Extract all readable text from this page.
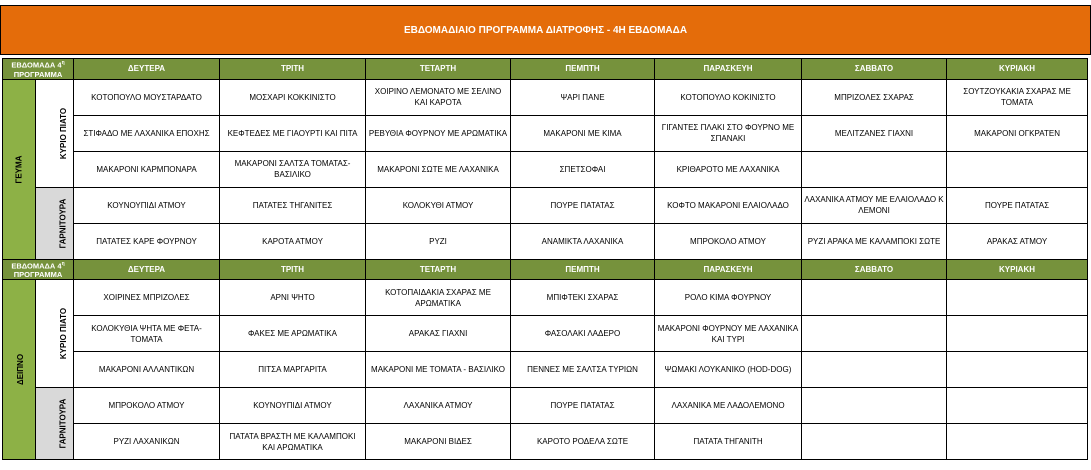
ΕΒΔΟΜΑΔΙΑΙΟ ΠΡΟΓΡΑΜΜΑ ΔΙΑΤΡΟΦΗΣ - 4Η ΕΒΔΟΜΑΔΑ
ΕΒΔΟΜΑΔΑ $4^\eta$
ΠΡΟΓΡΑΜΜΑ		ΔΕΥΤΕΡΑ	ΤΡΙΤΗ	ΤΕΤΑΡΤΗ	ΠΕΜΠΤΗ	ΠΑΡΑΣΚΕΥΗ	ΣΑΒΒΑΤΟ	ΚΥΡΙΑΚΗ
ΓΕΥΜΑ	ΚΥΡΙΟ ΠΙΑΤΟ	ΚΟΤΟΠΟΥΛΟ ΜΟΥΣΤΑΡΔΑΤΟ	ΜΟΣΧΑΡΙ ΚΟΚΚΙΝΙΣΤΟ	ΧΟΙΡΙΝΟ ΛΕΜΟΝΑΤΟ ΜΕ ΣΕΛΙΝΟ ΚΑΙ ΚΑΡΟΤΑ	ΨΑΡΙ ΠΑΝΕ	ΚΟΤΟΠΟΥΛΟ ΚΟΚΙΝΙΣΤΟ	ΜΠΡΙΖΟΛΕΣ ΣΧΑΡΑΣ	ΣΟΥΤΖΟΥΚΑΚΙΑ ΣΧΑΡΑΣ ΜΕ ΤΟΜΑΤΑ
		ΣΤΙΦΑΔΟ ΜΕ ΛΑΧΑΝΙΚΑ ΕΠΟΧΗΣ	ΚΕΦΤΕΔΕΣ ΜΕ ΓΙΑΟΥΡΤΙ ΚΑΙ ΠΙΤΑ	ΡΕΒΥΘΙΑ ΦΟΥΡΝΟΥ ΜΕ ΑΡΩΜΑΤΙΚΑ	ΜΑΚΑΡΟΝΙ ΜΕ ΚΙΜΑ	ΓΙΓΑΝΤΕΣ ΠΛΑΚΙ ΣΤΟ ΦΟΥΡΝΟ ΜΕ ΣΠΑΝΑΚΙ	ΜΕΛΙΤΖΑΝΕΣ ΓΙΑΧΝΙ	ΜΑΚΑΡΟΝΙ ΟΓΚΡΑΤΕΝ
		ΜΑΚΑΡΟΝΙ ΚΑΡΜΠΟΝΑΡΑ	ΜΑΚΑΡΟΝΙ ΣΑΛΤΣΑ ΤΟΜΑΤΑΣ-ΒΑΣΙΛΙΚΟ	ΜΑΚΑΡΟΝΙ ΣΩΤΕ ΜΕ ΛΑΧΑΝΙΚΑ	ΣΠΕΤΣΟΦΑΙ	ΚΡΙΘΑΡΟΤΟ ΜΕ ΛΑΧΑΝΙΚΑ		
	ΓΑΡΝΙΤΟΥΡΑ	ΚΟΥΝΟΥΠΙΔΙ ΑΤΜΟΥ	ΠΑΤΑΤΕΣ ΤΗΓΑΝΙΤΕΣ	ΚΟΛΟΚΥΘΙ ΑΤΜΟΥ	ΠΟΥΡΕ ΠΑΤΑΤΑΣ	ΚΟΦΤΟ ΜΑΚΑΡΟΝΙ ΕΛΑΙΟΛΑΔΟ	ΛΑΧΑΝΙΚΑ ΑΤΜΟΥ ΜΕ ΕΛΑΙΟΛΑΔΟ Κ ΛΕΜΟΝΙ	ΠΟΥΡΕ ΠΑΤΑΤΑΣ
		ΠΑΤΑΤΕΣ ΚΑΡΕ ΦΟΥΡΝΟΥ	ΚΑΡΟΤΑ ΑΤΜΟΥ	ΡΥΖΙ	ΑΝΑΜΙΚΤΑ ΛΑΧΑΝΙΚΑ	ΜΠΡΟΚΟΛΟ ΑΤΜΟΥ	ΡΥΖΙ ΑΡΑΚΑ ΜΕ ΚΑΛΑΜΠΟΚΙ ΣΩΤΕ	ΑΡΑΚΑΣ ΑΤΜΟΥ
ΕΒΔΟΜΑΔΑ $4^\eta$
ΠΡΟΓΡΑΜΜΑ		ΔΕΥΤΕΡΑ	ΤΡΙΤΗ	ΤΕΤΑΡΤΗ	ΠΕΜΠΤΗ	ΠΑΡΑΣΚΕΥΗ	ΣΑΒΒΑΤΟ	ΚΥΡΙΑΚΗ
ΔΕΙΠΝΟ	ΚΥΡΙΟ ΠΙΑΤΟ	ΧΟΙΡΙΝΕΣ ΜΠΡΙΖΟΛΕΣ	ΑΡΝΙ ΨΗΤΟ	ΚΟΤΟΠΑΙΔΑΚΙΑ ΣΧΑΡΑΣ ΜΕ ΑΡΩΜΑΤΙΚΑ	ΜΠΙΦΤΕΚΙ ΣΧΑΡΑΣ	ΡΟΛΟ ΚΙΜΑ ΦΟΥΡΝΟΥ		
		ΚΟΛΟΚΥΘΙΑ ΨΗΤΑ ΜΕ ΦΕΤΑ-ΤΟΜΑΤΑ	ΦΑΚΕΣ ΜΕ ΑΡΩΜΑΤΙΚΑ	ΑΡΑΚΑΣ ΓΙΑΧΝΙ	ΦΑΣΟΛΑΚΙ ΛΑΔΕΡΟ	ΜΑΚΑΡΟΝΙ ΦΟΥΡΝΟΥ ΜΕ ΛΑΧΑΝΙΚΑ ΚΑΙ ΤΥΡΙ		
		ΜΑΚΑΡΟΝΙ ΑΛΛΑΝΤΙΚΩΝ	ΠΙΤΣΑ ΜΑΡΓΑΡΙΤΑ	ΜΑΚΑΡΟΝΙ ΜΕ ΤΟΜΑΤΑ - ΒΑΣΙΛΙΚΟ	ΠΕΝΝΕΣ ΜΕ ΣΑΛΤΣΑ ΤΥΡΙΩΝ	ΨΩΜΑΚΙ ΛΟΥΚΑΝΙΚΟ (HOD-DOG)		
	ΓΑΡΝΙΤΟΥΡΑ	ΜΠΡΟΚΟΛΟ ΑΤΜΟΥ	ΚΟΥΝΟΥΠΙΔΙ ΑΤΜΟΥ	ΛΑΧΑΝΙΚΑ ΑΤΜΟΥ	ΠΟΥΡΕ ΠΑΤΑΤΑΣ	ΛΑΧΑΝΙΚΑ ΜΕ ΛΑΔΟΛΕΜΟΝΟ		
		ΡΥΖΙ ΛΑΧΑΝΙΚΩΝ	ΠΑΤΑΤΑ ΒΡΑΣΤΗ ΜΕ ΚΑΛΑΜΠΟΚΙ ΚΑΙ ΑΡΩΜΑΤΙΚΑ	ΜΑΚΑΡΟΝΙ ΒΙΔΕΣ	ΚΑΡΟΤΟ ΡΟΔΕΛΑ ΣΩΤΕ	ΠΑΤΑΤΑ ΤΗΓΑΝΙΤΗ		
